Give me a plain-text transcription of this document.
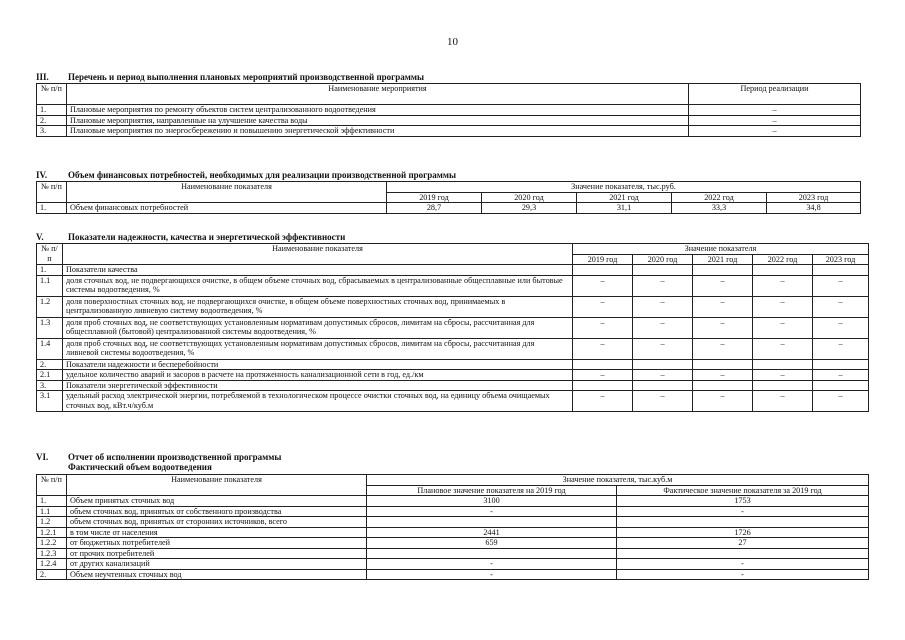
10
III. Перечень и период выполнения плановых мероприятий производственной программы
№ п/п	Наименование мероприятия	Период реализации
1.	Плановые мероприятия по ремонту объектов систем централизованного водоотведения	–
2.	Плановые мероприятия, направленные на улучшение качества воды	–
3.	Плановые мероприятия по энергосбережению и повышению энергетической эффективности	–
IV. Объем финансовых потребностей, необходимых для реализации производственной программы
№ п/п	Наименование показателя	Значение показателя, тыс.руб.				
		2019 год	2020 год	2021 год	2022 год	2023 год
1.	Объем финансовых потребностей	28,7	29,3	31,1	33,3	34,8
V.	Показатели надежности, качества и энергетической эффективности
№ п/п	Наименование показателя	Значение показателя				
		2019 год	2020 год	2021 год	2022 год	2023 год
1.	Показатели качества					
1.1	доля сточных вод, не подвергающихся очистке, в общем объеме сточных вод, сбрасываемых в централизованные общесплавные или бытовые системы водоотведения, %	–	–	–	–	–
1.2	доля поверхностных сточных вод, не подвергающихся очистке, в общем объеме поверхностных сточных вод, принимаемых в централизованную ливневую систему водоотведения, %	–	–	–	–	–
1.3	доля проб сточных вод, не соответствующих установленным нормативам допустимых сбросов, лимитам на сбросы, рассчитанная для общесплавной (бытовой) централизованной системы водоотведения, %	–	–	–	–	–
1.4	доля проб сточных вод, не соответствующих установленным нормативам допустимых сбросов, лимитам на сбросы, рассчитанная для ливневой системы водоотведения, %	–	–	–	–	–
2.	Показатели надежности и бесперебойности					
2.1	удельное количество аварий и засоров в расчете на протяженность канализационной сети в год, ед./км	–	–	–	–	–
3.	Показатели энергетической эффективности					
3.1	удельный расход электрической энергии, потребляемой в технологическом процессе очистки сточных вод, на единицу объема очищаемых сточных вод, кВт.ч/куб.м	–	–	–	–	–
VI. Отчет об исполнении производственной программы
Фактический объем водоотведения
№ п/п	Наименование показателя	Значение показателя, тыс.куб.м	
		Плановое значение показателя на 2019 год	Фактическое значение показателя за 2019 год
1.	Объем принятых сточных вод	3100	1753
1.1	объем сточных вод, принятых от собственного производства	-	-
1.2	объем сточных вод, принятых от сторонних источников, всего		
1.2.1	в том числе от населения	2441	1726
1.2.2	от бюджетных потребителей	659	27
1.2.3	от прочих потребителей		
1.2.4	от других канализаций	-	-
2.	Объем неучтенных сточных вод	-	-
